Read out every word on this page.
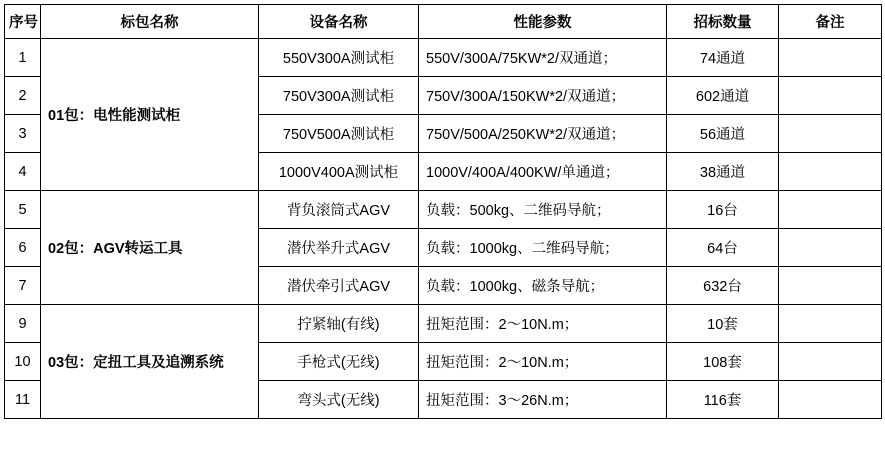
序号	标包名称	设备名称	性能参数	招标数量	备注
1	01包：电性能测试柜	550V300A测试柜	550V/300A/75KW*2/双通道；	74通道	
2		750V300A测试柜	750V/300A/150KW*2/双通道；	602通道	
3		750V500A测试柜	750V/500A/250KW*2/双通道；	56通道	
4		1000V400A测试柜	1000V/400A/400KW/单通道；	38通道	
5	02包：AGV转运工具	背负滚筒式AGV	负载：500kg、二维码导航；	16台	
6		潜伏举升式AGV	负载：1000kg、二维码导航；	64台	
7		潜伏牵引式AGV	负载：1000kg、磁条导航；	632台	
9	03包：定扭工具及追溯系统	拧紧轴(有线)	扭矩范围：2～10N.m；	10套	
10		手枪式(无线)	扭矩范围：2～10N.m；	108套	
11		弯头式(无线)	扭矩范围：3～26N.m；	116套	
